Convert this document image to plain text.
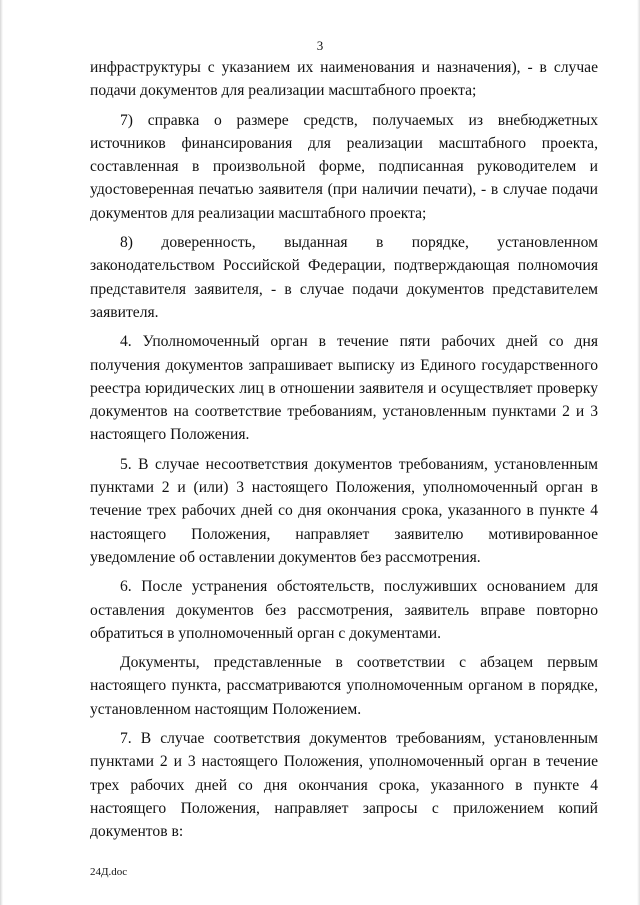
3

инфраструктуры с указанием их наименования и назначения), - в случае подачи документов для реализации масштабного проекта;

7) справка о размере средств, получаемых из внебюджетных источников финансирования для реализации масштабного проекта, составленная в произвольной форме, подписанная руководителем и удостоверенная печатью заявителя (при наличии печати), - в случае подачи документов для реализации масштабного проекта;

8) доверенность, выданная в порядке, установленном законодательством Российской Федерации, подтверждающая полномочия представителя заявителя, - в случае подачи документов представителем заявителя.

4. Уполномоченный орган в течение пяти рабочих дней со дня получения документов запрашивает выписку из Единого государственного реестра юридических лиц в отношении заявителя и осуществляет проверку документов на соответствие требованиям, установленным пунктами 2 и 3 настоящего Положения.

5. В случае несоответствия документов требованиям, установленным пунктами 2 и (или) 3 настоящего Положения, уполномоченный орган в течение трех рабочих дней со дня окончания срока, указанного в пункте 4 настоящего Положения, направляет заявителю мотивированное уведомление об оставлении документов без рассмотрения.

6. После устранения обстоятельств, послуживших основанием для оставления документов без рассмотрения, заявитель вправе повторно обратиться в уполномоченный орган с документами.

Документы, представленные в соответствии с абзацем первым настоящего пункта, рассматриваются уполномоченным органом в порядке, установленном настоящим Положением.

7. В случае соответствия документов требованиям, установленным пунктами 2 и 3 настоящего Положения, уполномоченный орган в течение трех рабочих дней со дня окончания срока, указанного в пункте 4 настоящего Положения, направляет запросы с приложением копий документов в:

24Д.doc
